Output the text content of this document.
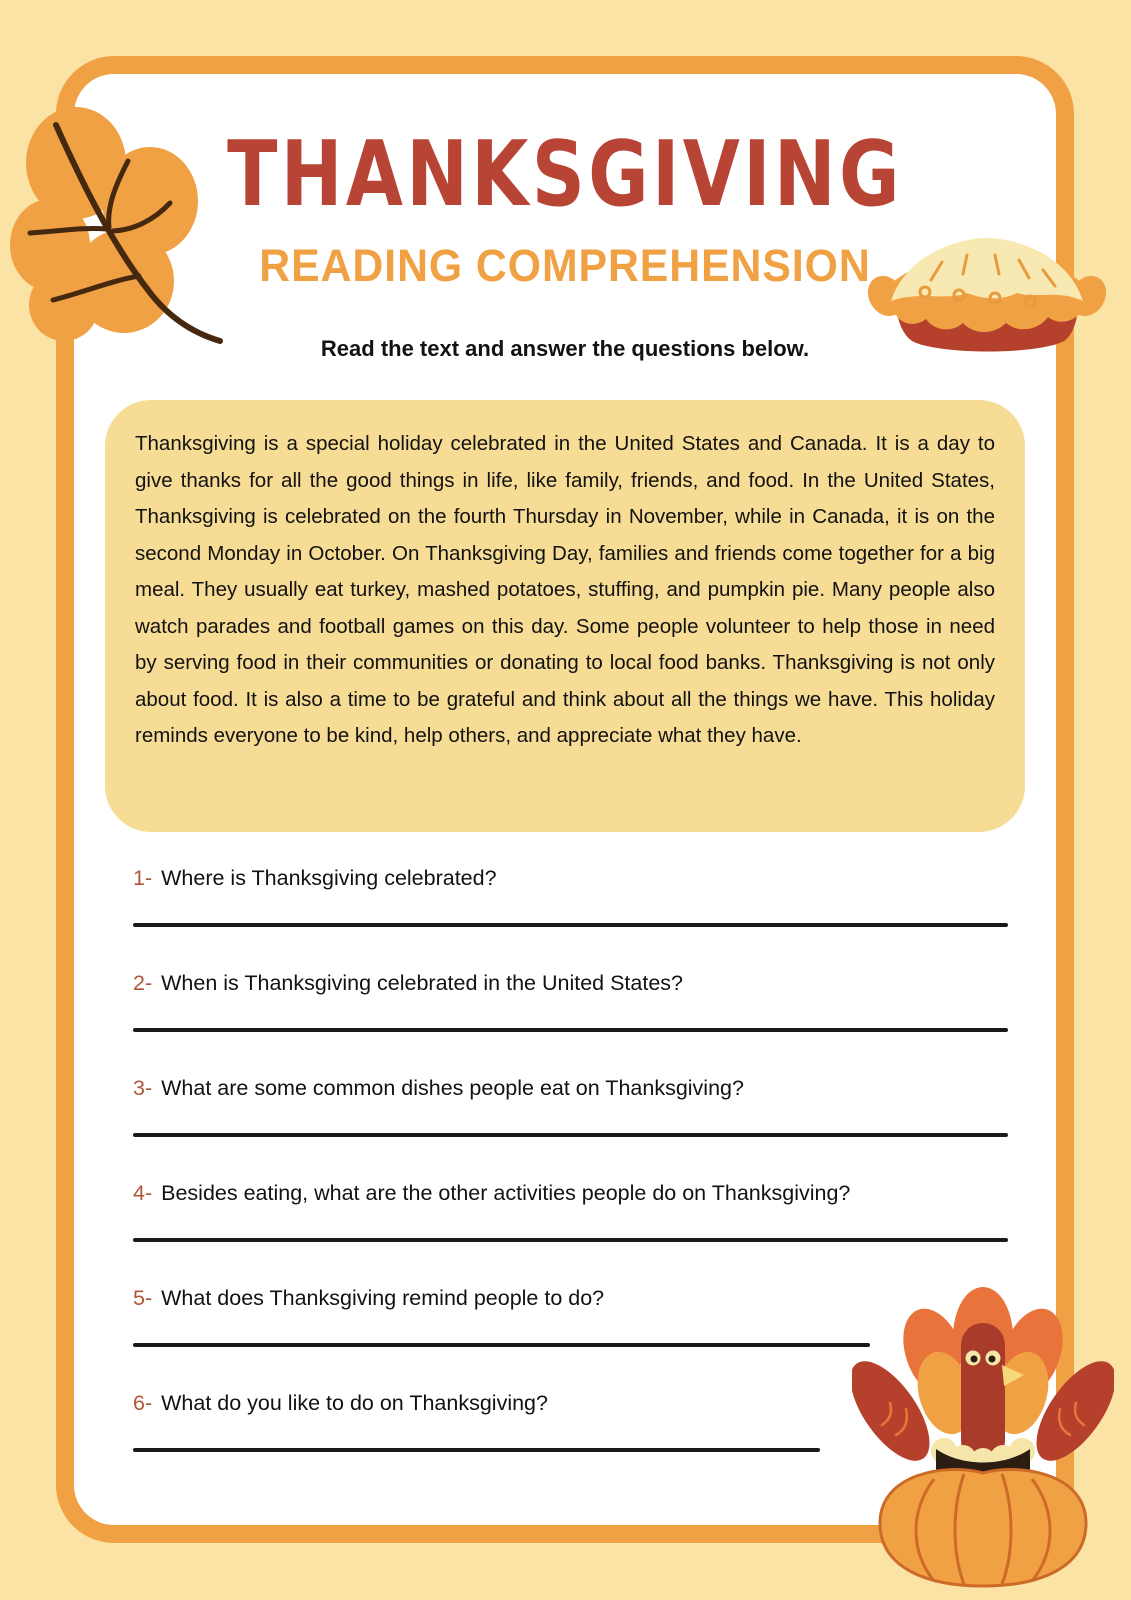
THANKSGIVING
READING COMPREHENSION
Read the text and answer the questions below.
Thanksgiving is a special holiday celebrated in the United States and Canada. It is a day to give thanks for all the good things in life, like family, friends, and food. In the United States, Thanksgiving is celebrated on the fourth Thursday in November, while in Canada, it is on the second Monday in October. On Thanksgiving Day, families and friends come together for a big meal. They usually eat turkey, mashed potatoes, stuffing, and pumpkin pie. Many people also watch parades and football games on this day. Some people volunteer to help those in need by serving food in their communities or donating to local food banks. Thanksgiving is not only about food. It is also a time to be grateful and think about all the things we have. This holiday reminds everyone to be kind, help others, and appreciate what they have.
1- Where is Thanksgiving celebrated?
2- When is Thanksgiving celebrated in the United States?
3- What are some common dishes people eat on Thanksgiving?
4- Besides eating, what are the other activities people do on Thanksgiving?
5- What does Thanksgiving remind people to do?
6- What do you like to do on Thanksgiving?
